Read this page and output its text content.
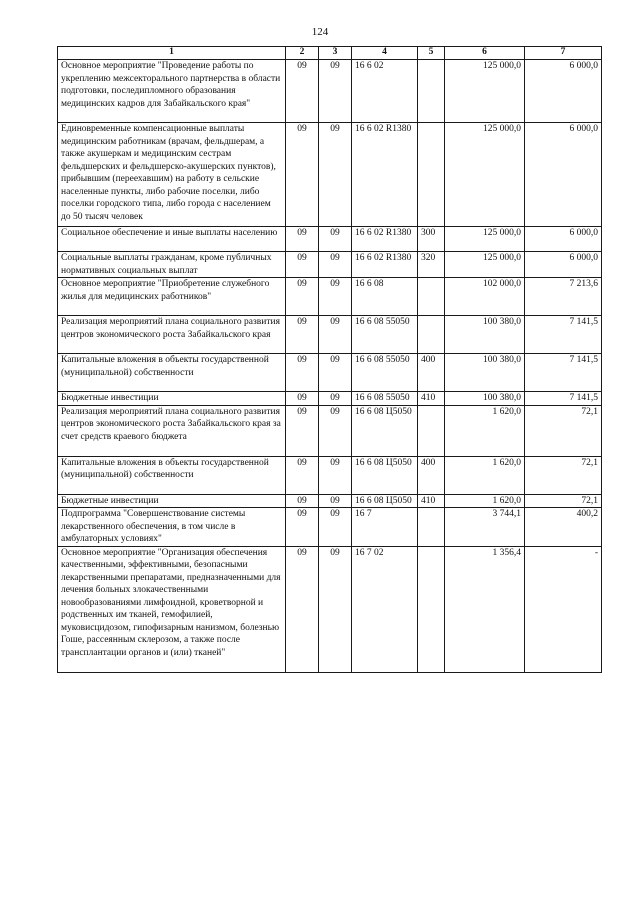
124
1	2	3	4	5	6	7
Основное мероприятие "Проведение работы по укреплению межсекторального партнерства в области подготовки, последипломного образования медицинских кадров для Забайкальского края"	09	09	16 6 02		125 000,0	6 000,0
Единовременные компенсационные выплаты медицинским работникам (врачам, фельдшерам, а также акушеркам и медицинским сестрам фельдшерских и фельдшерско-акушерских пунктов), прибывшим (переехавшим) на работу в сельские населенные пункты, либо рабочие поселки, либо поселки городского типа, либо города с населением до 50 тысяч человек	09	09	16 6 02 R1380		125 000,0	6 000,0
Социальное обеспечение и иные выплаты населению	09	09	16 6 02 R1380	300	125 000,0	6 000,0
Социальные выплаты гражданам, кроме публичных нормативных социальных выплат	09	09	16 6 02 R1380	320	125 000,0	6 000,0
Основное мероприятие "Приобретение служебного жилья для медицинских работников"	09	09	16 6 08		102 000,0	7 213,6
Реализация мероприятий плана социального развития центров экономического роста Забайкальского края	09	09	16 6 08 55050		100 380,0	7 141,5
Капитальные вложения в объекты государственной (муниципальной) собственности	09	09	16 6 08 55050	400	100 380,0	7 141,5
Бюджетные инвестиции	09	09	16 6 08 55050	410	100 380,0	7 141,5
Реализация мероприятий плана социального развития центров экономического роста Забайкальского края за счет средств краевого бюджета	09	09	16 6 08 Ц5050		1 620,0	72,1
Капитальные вложения в объекты государственной (муниципальной) собственности	09	09	16 6 08 Ц5050	400	1 620,0	72,1
Бюджетные инвестиции	09	09	16 6 08 Ц5050	410	1 620,0	72,1
Подпрограмма "Совершенствование системы лекарственного обеспечения, в том числе в амбулаторных условиях"	09	09	16 7		3 744,1	400,2
Основное мероприятие "Организация обеспечения качественными, эффективными, безопасными лекарственными препаратами, предназначенными для лечения больных злокачественными новообразованиями лимфоидной, кроветворной и родственных им тканей, гемофилией, муковисцидозом, гипофизарным нанизмом, болезнью Гоше, рассеянным склерозом, а также после трансплантации органов и (или) тканей"	09	09	16 7 02		1 356,4	-
